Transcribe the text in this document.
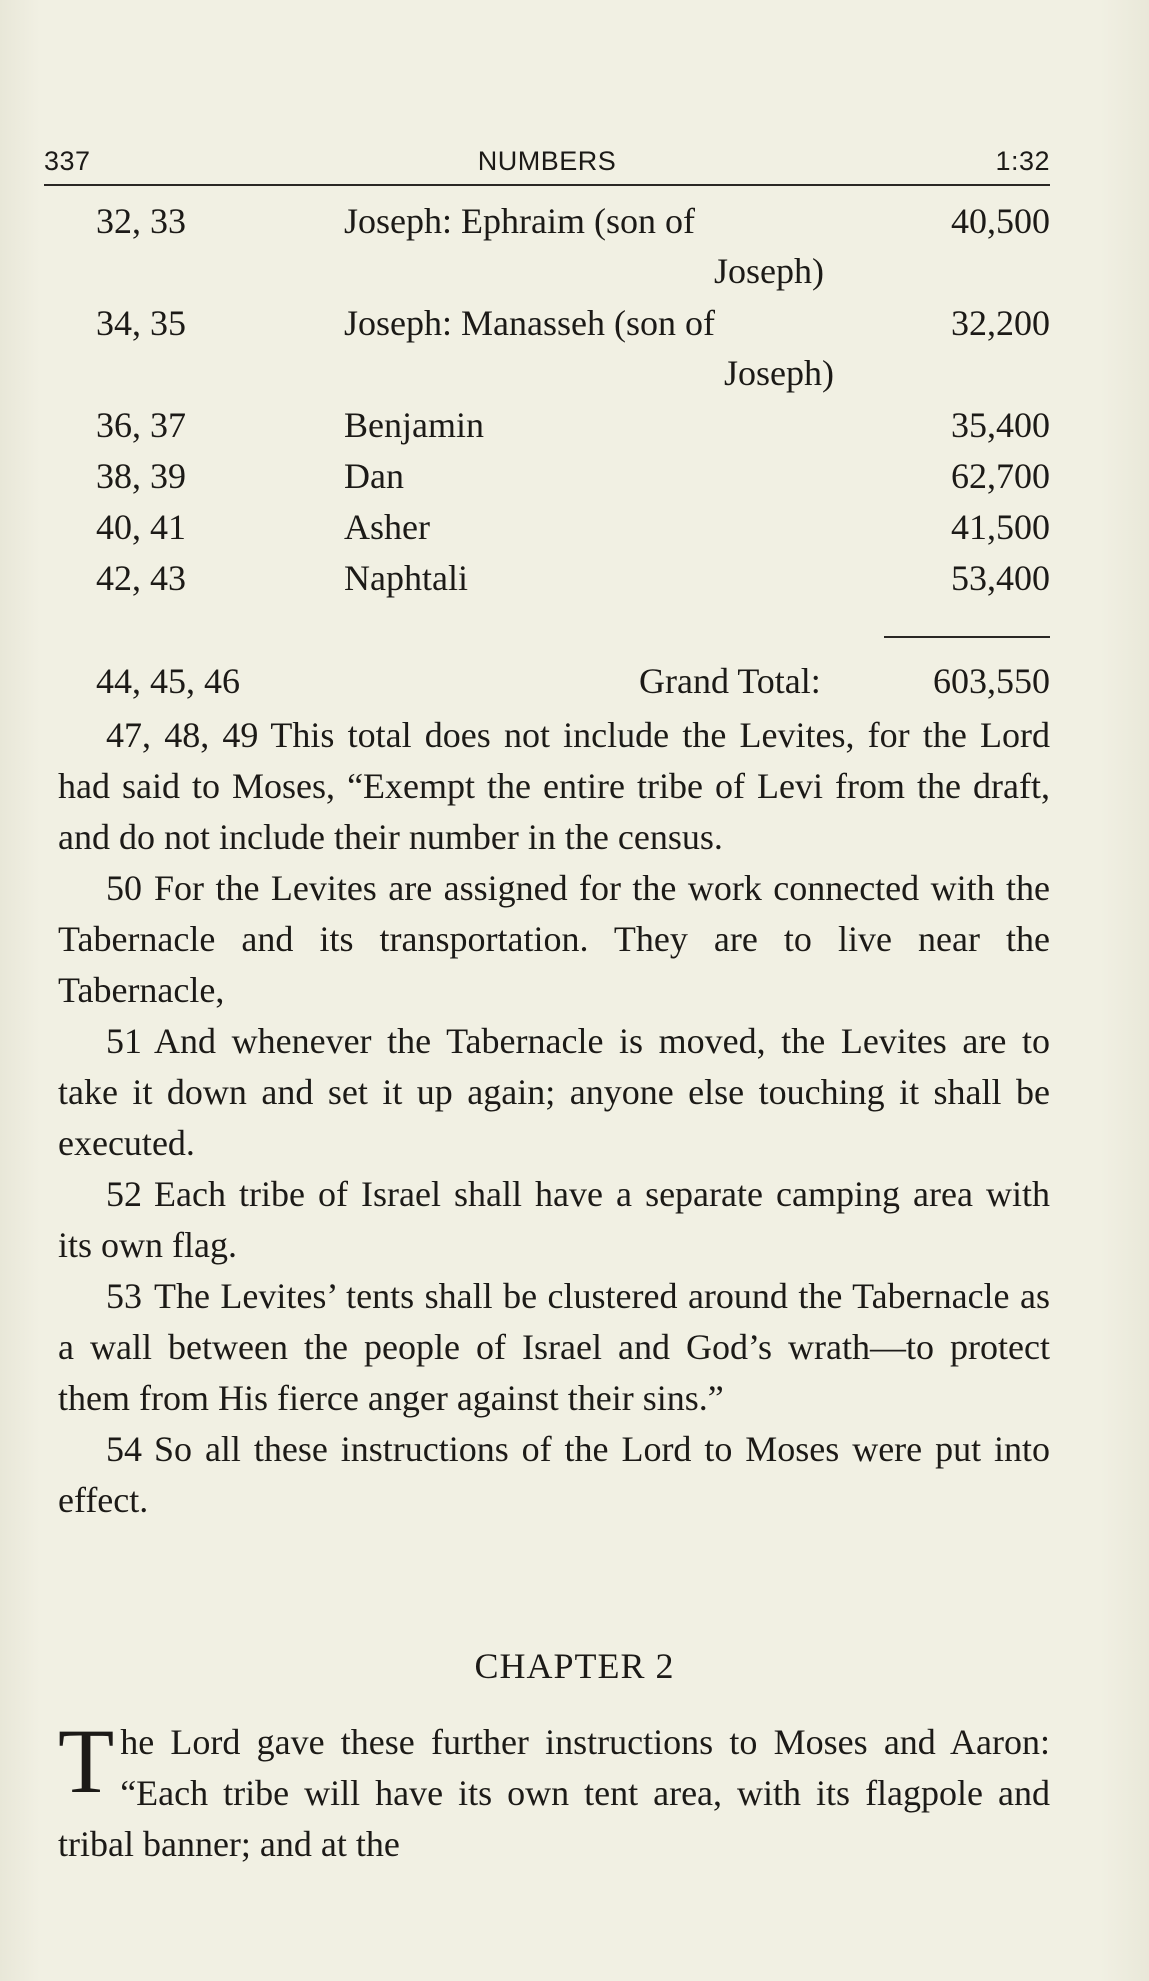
337	NUMBERS	1:32
32, 33	Joseph: Ephraim (son of	40,500
Joseph)
34, 35	Joseph: Manasseh (son of	32,200
Joseph)
36, 37	Benjamin	35,400
38, 39	Dan	62,700
40, 41	Asher	41,500
42, 43	Naphtali	53,400
44, 45, 46	Grand Total:	603,550

47, 48, 49 This total does not include the Levites, for the Lord had said to Moses, “Exempt the entire tribe of Levi from the draft, and do not include their number in the census.

50 For the Levites are assigned for the work connected with the Tabernacle and its transportation. They are to live near the Tabernacle,

51 And whenever the Tabernacle is moved, the Levites are to take it down and set it up again; anyone else touching it shall be executed.

52 Each tribe of Israel shall have a separate camping area with its own flag.

53 The Levites’ tents shall be clustered around the Tabernacle as a wall between the people of Israel and God’s wrath—to protect them from His fierce anger against their sins.”

54 So all these instructions of the Lord to Moses were put into effect.

CHAPTER 2

The Lord gave these further instructions to Moses and Aaron: “Each tribe will have its own tent area, with its flagpole and tribal banner; and at the
